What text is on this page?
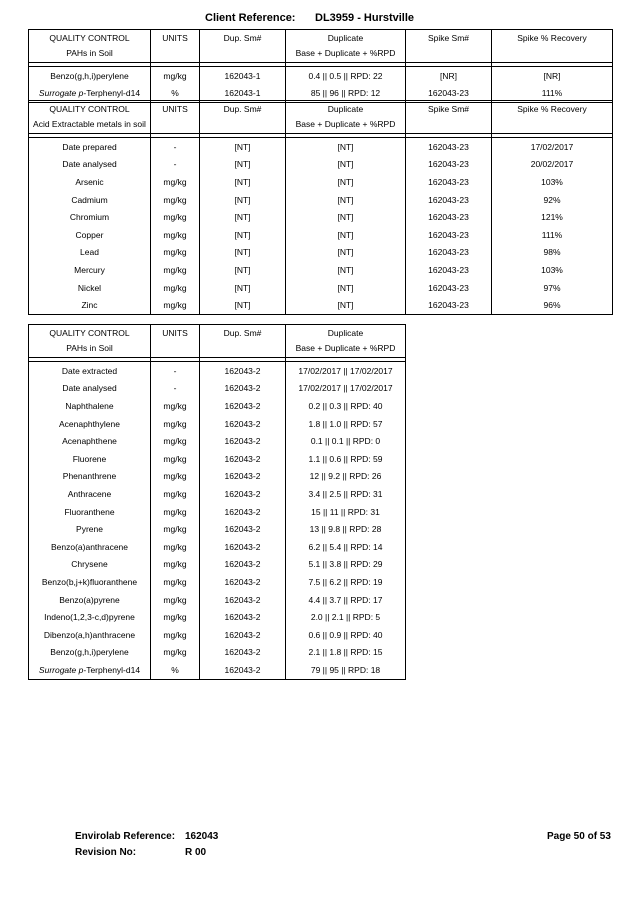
Client Reference: DL3959 - Hurstville
QUALITY CONTROL	UNITS	Dup. Sm#	Duplicate	Spike Sm#	Spike % Recovery
PAHs in Soil			Base + Duplicate + %RPD		

Benzo(g,h,i)perylene	mg/kg	162043-1	0.4 || 0.5 || RPD: 22	[NR]	[NR]
Surrogate p-Terphenyl-d14	%	162043-1	85 || 96 || RPD: 12	162043-23	111%
QUALITY CONTROL	UNITS	Dup. Sm#	Duplicate	Spike Sm#	Spike % Recovery
Acid Extractable metals in soil			Base + Duplicate + %RPD		

Date prepared	-	[NT]	[NT]	162043-23	17/02/2017
Date analysed	-	[NT]	[NT]	162043-23	20/02/2017
Arsenic	mg/kg	[NT]	[NT]	162043-23	103%
Cadmium	mg/kg	[NT]	[NT]	162043-23	92%
Chromium	mg/kg	[NT]	[NT]	162043-23	121%
Copper	mg/kg	[NT]	[NT]	162043-23	111%
Lead	mg/kg	[NT]	[NT]	162043-23	98%
Mercury	mg/kg	[NT]	[NT]	162043-23	103%
Nickel	mg/kg	[NT]	[NT]	162043-23	97%
Zinc	mg/kg	[NT]	[NT]	162043-23	96%
QUALITY CONTROL	UNITS	Dup. Sm#	Duplicate
PAHs in Soil			Base + Duplicate + %RPD

Date extracted	-	162043-2	17/02/2017 || 17/02/2017
Date analysed	-	162043-2	17/02/2017 || 17/02/2017
Naphthalene	mg/kg	162043-2	0.2 || 0.3 || RPD: 40
Acenaphthylene	mg/kg	162043-2	1.8 || 1.0 || RPD: 57
Acenaphthene	mg/kg	162043-2	0.1 || 0.1 || RPD: 0
Fluorene	mg/kg	162043-2	1.1 || 0.6 || RPD: 59
Phenanthrene	mg/kg	162043-2	12 || 9.2 || RPD: 26
Anthracene	mg/kg	162043-2	3.4 || 2.5 || RPD: 31
Fluoranthene	mg/kg	162043-2	15 || 11 || RPD: 31
Pyrene	mg/kg	162043-2	13 || 9.8 || RPD: 28
Benzo(a)anthracene	mg/kg	162043-2	6.2 || 5.4 || RPD: 14
Chrysene	mg/kg	162043-2	5.1 || 3.8 || RPD: 29
Benzo(b,j+k)fluoranthene	mg/kg	162043-2	7.5 || 6.2 || RPD: 19
Benzo(a)pyrene	mg/kg	162043-2	4.4 || 3.7 || RPD: 17
Indeno(1,2,3-c,d)pyrene	mg/kg	162043-2	2.0 || 2.1 || RPD: 5
Dibenzo(a,h)anthracene	mg/kg	162043-2	0.6 || 0.9 || RPD: 40
Benzo(g,h,i)perylene	mg/kg	162043-2	2.1 || 1.8 || RPD: 15
Surrogate p-Terphenyl-d14	%	162043-2	79 || 95 || RPD: 18
Envirolab Reference: 162043
Revision No:	R 00
Page 50 of 53
